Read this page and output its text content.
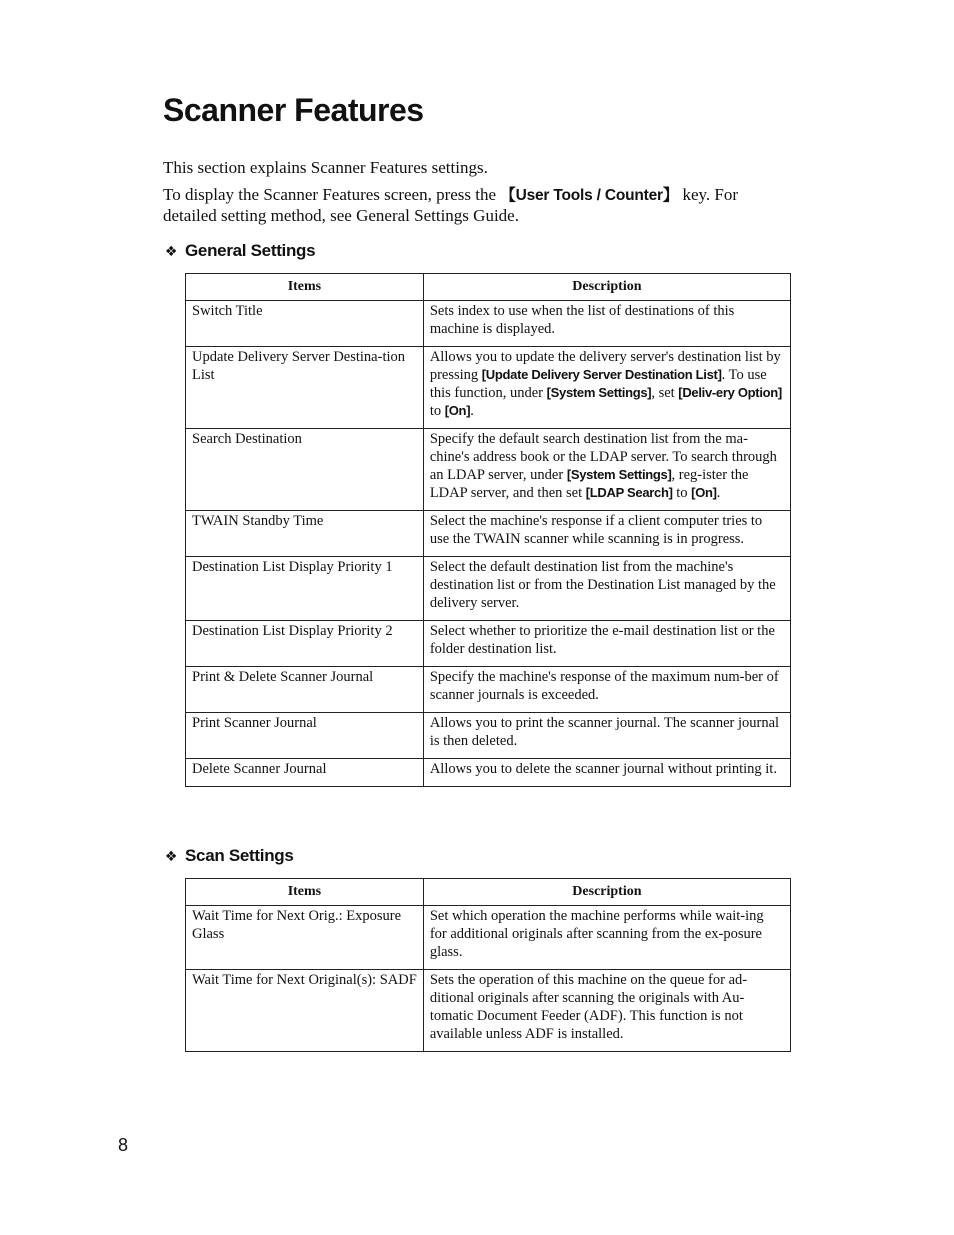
Scanner Features

This section explains Scanner Features settings.

To display the Scanner Features screen, press the 【User Tools / Counter】 key. For detailed setting method, see General Settings Guide.

❖ General Settings
Items	Description
Switch Title	Sets index to use when the list of destinations of this machine is displayed.
Update Delivery Server Destina-tion List	Allows you to update the delivery server's destination list by pressing [Update Delivery Server Destination List]. To use this function, under [System Settings], set [Deliv-ery Option] to [On].
Search Destination	Specify the default search destination list from the ma-chine's address book or the LDAP server. To search through an LDAP server, under [System Settings], reg-ister the LDAP server, and then set [LDAP Search] to [On].
TWAIN Standby Time	Select the machine's response if a client computer tries to use the TWAIN scanner while scanning is in progress.
Destination List Display Priority 1	Select the default destination list from the machine's destination list or from the Destination List managed by the delivery server.
Destination List Display Priority 2	Select whether to prioritize the e-mail destination list or the folder destination list.
Print & Delete Scanner Journal	Specify the machine's response of the maximum num-ber of scanner journals is exceeded.
Print Scanner Journal	Allows you to print the scanner journal. The scanner journal is then deleted.
Delete Scanner Journal	Allows you to delete the scanner journal without printing it.
❖ Scan Settings
Items	Description
Wait Time for Next Orig.: Exposure Glass	Set which operation the machine performs while wait-ing for additional originals after scanning from the ex-posure glass.
Wait Time for Next Original(s): SADF	Sets the operation of this machine on the queue for ad-ditional originals after scanning the originals with Au-tomatic Document Feeder (ADF). This function is not available unless ADF is installed.
8
